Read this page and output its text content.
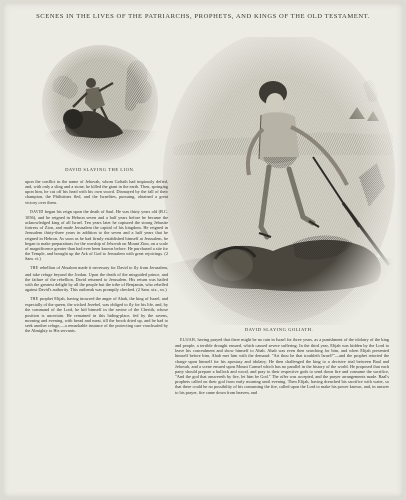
SCENES IN THE LIVES OF THE PATRIARCHS, PROPHETS, AND KINGS OF THE OLD TESTAMENT.
DAVID SLAYING THE LION.
DAVID SLAYING GOLIATH.

upon the conflict in the name of Jehovah, whom Goliath had impiously defied, and, with only a sling and a stone, he killed the giant in the earth. Then, springing upon him, he cut off his head with his own sword. Dismayed by the fall of their champion, the Philistines fled, and the Israelites, pursuing, obtained a great victory over them.

DAVID began his reign upon the death of Saul. He was thirty years old (B.C. 1056), and he reigned in Hebron seven and a half years before he became the acknowledged king of all Israel. Ten years later he captured the strong Jebusite fortress of Zion, and made Jerusalem the capital of his kingdom. He reigned in Jerusalem thirty-three years in addition to the seven and a half years that he reigned in Hebron. As soon as he had firmly established himself at Jerusalem, he began to make preparations for the worship of Jehovah on Mount Zion, on a scale of magnificence greater than had ever been known before. He purchased a site for the Temple, and brought up the Ark of God to Jerusalem with great rejoicings. (2 Sam. vi.)

THE rebellion of Absalom made it necessary for David to fly from Jerusalem, and take refuge beyond the Jordan. Upon the death of the misguided prince, and the failure of the rebellion, David returned to Jerusalem. His return was hailed with the greatest delight by all the people but the tribe of Benjamin, who rebelled against David's authority. This outbreak was promptly checked. (2 Sam. xix., xx.)

THE prophet Elijah, having incurred the anger of Ahab, the king of Israel, and especially of the queen, the wicked Jezebel, was obliged to fly for his life, and, by the command of the Lord, he hid himself in the ravine of the Cherith, whose position is uncertain. He remained in this hiding-place, fed by the ravens, morning and evening, with bread and meat, till the brook dried up, and he had to seek another refuge,—a remarkable instance of the protecting care vouchsafed by the Almighty to His servants.

ELIJAH, having prayed that there might be no rain in Israel for three years, as a punishment of the idolatry of the king and people, a terrible drought ensued, which caused severe suffering. In the third year, Elijah was bidden by the Lord to leave his concealment and show himself to Ahab. Ahab was even then searching for him, and when Elijah presented himself before him, Ahab met him with the demand: "Art thou he that troubleth Israel?"—and the prophet retorted the charge upon himself for his apostasy and idolatry. He then challenged the king to a decisive trial between Baal and Jehovah, and a scene ensued upon Mount Carmel which has no parallel in the history of the world. He proposed that each party should prepare a bullock and wood, and pray to their respective gods to send down fire and consume the sacrifice, "And the god that answereth by fire, let him be God." The offer was accepted, and the prayer arrangements made. Baal's prophets called on their god from early morning until evening. Then Elijah, having drenched his sacrifice with water, so that there could be no possibility of his consuming the fire, called upon the Lord to make his power known, and, in answer to his prayer, fire came down from heaven, and
